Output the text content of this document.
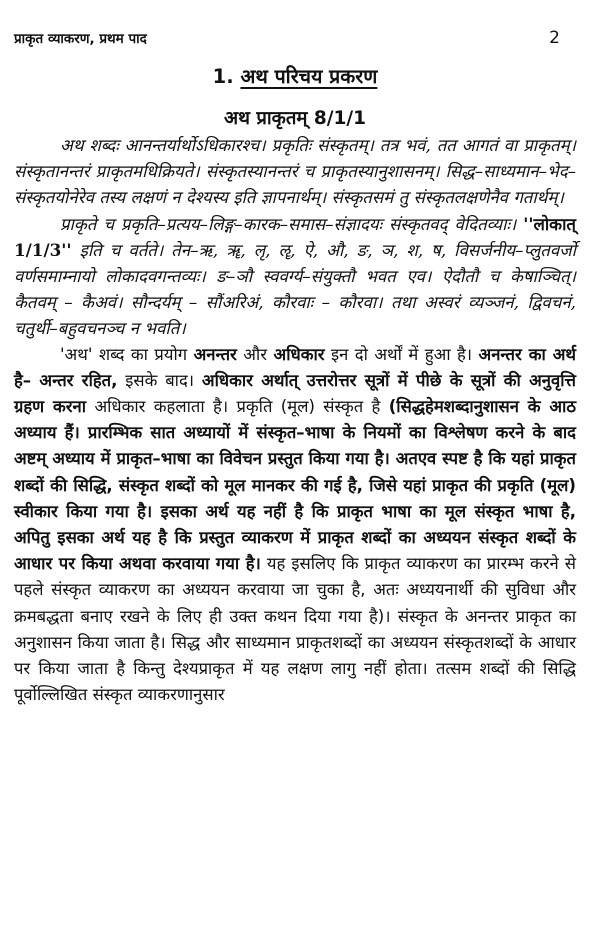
प्राकृत व्याकरण, प्रथम पाद	2
1. अथ परिचय प्रकरण
अथ प्राकृतम् 8/1/1

अथ शब्दः आनन्तर्यार्थोऽधिकारश्च। प्रकृतिः संस्कृतम्। तत्र भवं, तत आगतं वा प्राकृतम्। संस्कृतानन्तरं प्राकृतमधिक्रियते। संस्कृतस्यानन्तरं च प्राकृतस्यानुशासनम्। सिद्ध–साध्यमान–भेद– संस्कृतयोनेरेव तस्य लक्षणं न देश्यस्य इति ज्ञापनार्थम्। संस्कृतसमं तु संस्कृतलक्षणेनैव गतार्थम्।

प्राकृते च प्रकृति–प्रत्यय–लिङ्ग–कारक–समास–संज्ञादयः संस्कृतवद् वेदितव्याः। ''लोकात् 1/1/3'' इति च वर्तते। तेन–ऋ, ॠ, लृ, ॡ, ऐ, औ, ङ, ञ, श, ष, विसर्जनीय–प्लुतवर्जो वर्णसमाम्नायो लोकादवगन्तव्यः। ङ–ञौ स्ववर्ग्य–संयुक्तौ भवत एव। ऐदौतौ च केषाञ्चित्। कैतवम् – कैअवं। सौन्दर्यम् – सौंअरिअं, कौरवाः – कौरवा। तथा अस्वरं व्यञ्जनं, द्विवचनं, चतुर्थी–बहुवचनञ्च न भवति।

'अथ' शब्द का प्रयोग अनन्तर और अधिकार इन दो अर्थों में हुआ है। अनन्तर का अर्थ है– अन्तर रहित, इसके बाद। अधिकार अर्थात् उत्तरोत्तर सूत्रों में पीछे के सूत्रों की अनुवृत्ति ग्रहण करना अधिकार कहलाता है। प्रकृति (मूल) संस्कृत है (सिद्धहेमशब्दानुशासन के आठ अध्याय हैं। प्रारम्भिक सात अध्यायों में संस्कृत–भाषा के नियमों का विश्लेषण करने के बाद अष्टम् अध्याय में प्राकृत–भाषा का विवेचन प्रस्तुत किया गया है। अतएव स्पष्ट है कि यहां प्राकृत शब्दों की सिद्धि, संस्कृत शब्दों को मूल मानकर की गई है, जिसे यहां प्राकृत की प्रकृति (मूल) स्वीकार किया गया है। इसका अर्थ यह नहीं है कि प्राकृत भाषा का मूल संस्कृत भाषा है, अपितु इसका अर्थ यह है कि प्रस्तुत व्याकरण में प्राकृत शब्दों का अध्ययन संस्कृत शब्दों के आधार पर किया अथवा करवाया गया है। यह इसलिए कि प्राकृत व्याकरण का प्रारम्भ करने से पहले संस्कृत व्याकरण का अध्ययन करवाया जा चुका है, अतः अध्ययनार्थी की सुविधा और क्रमबद्धता बनाए रखने के लिए ही उक्त कथन दिया गया है)। संस्कृत के अनन्तर प्राकृत का अनुशासन किया जाता है। सिद्ध और साध्यमान प्राकृतशब्दों का अध्ययन संस्कृतशब्दों के आधार पर किया जाता है किन्तु देश्यप्राकृत में यह लक्षण लागु नहीं होता। तत्सम शब्दों की सिद्धि पूर्वोल्लिखित संस्कृत व्याकरणानुसार
